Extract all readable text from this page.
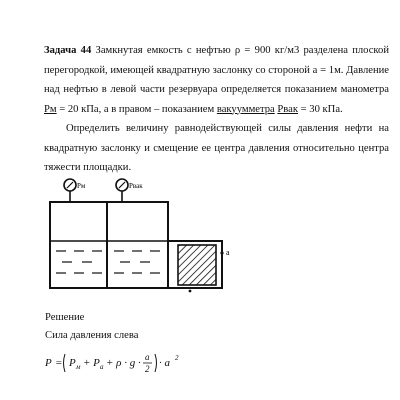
Задача 44 Замкнутая емкость с нефтью ρ = 900 кг/м3 разделена плоской перегородкой, имеющей квадратную заслонку со стороной а = 1м. Давление над нефтью в левой части резервуара определяется показанием манометра Рм = 20 кПа, а в правом – показанием вакуумметра Рвак = 30 кПа.

Определить величину равнодействующей силы давления нефти на квадратную заслонку и смещение ее центра давления относительно центра тяжести площадки.

а
Рм	Рвак
Решение
Сила давления слева
Р = Р м + Р а + ρ · g · а
2 · а 2
